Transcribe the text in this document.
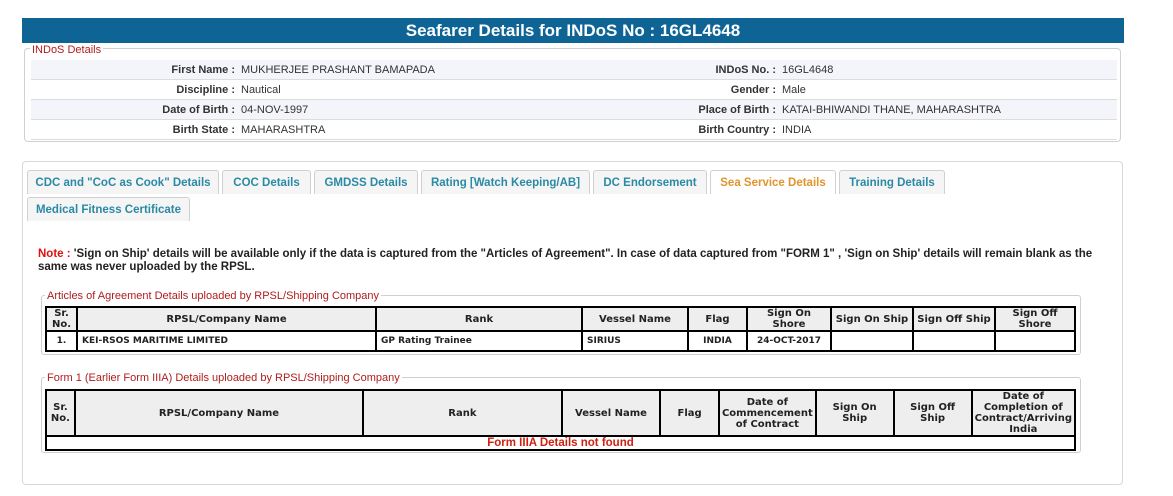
Seafarer Details for INDoS No : 16GL4648
INDoS Details
First Name :	MUKHERJEE PRASHANT BAMAPADA	INDoS No. :	16GL4648
Discipline :	Nautical	Gender :	Male
Date of Birth :	04-NOV-1997	Place of Birth :	KATAI-BHIWANDI THANE, MAHARASHTRA
Birth State :	MAHARASHTRA	Birth Country :	INDIA
CDC and "CoC as Cook" Details	COC Details	GMDSS Details	Rating [Watch Keeping/AB]	DC Endorsement	Sea Service Details	Training Details
Medical Fitness Certificate
Note : 'Sign on Ship' details will be available only if the data is captured from the "Articles of Agreement". In case of data captured from "FORM 1" , 'Sign on Ship' details will remain blank as the same was never uploaded by the RPSL.
Articles of Agreement Details uploaded by RPSL/Shipping Company
Sr. No.	RPSL/Company Name	Rank	Vessel Name	Flag	Sign On Shore	Sign On Ship	Sign Off Ship	Sign Off Shore
1.	KEI-RSOS MARITIME LIMITED	GP Rating Trainee	SIRIUS	INDIA	24-OCT-2017			
Form 1 (Earlier Form IIIA) Details uploaded by RPSL/Shipping Company
Sr. No.	RPSL/Company Name	Rank	Vessel Name	Flag	Date of Commencement of Contract	Sign On Ship	Sign Off Ship	Date of Completion of Contract/Arriving India
Form IIIA Details not found
